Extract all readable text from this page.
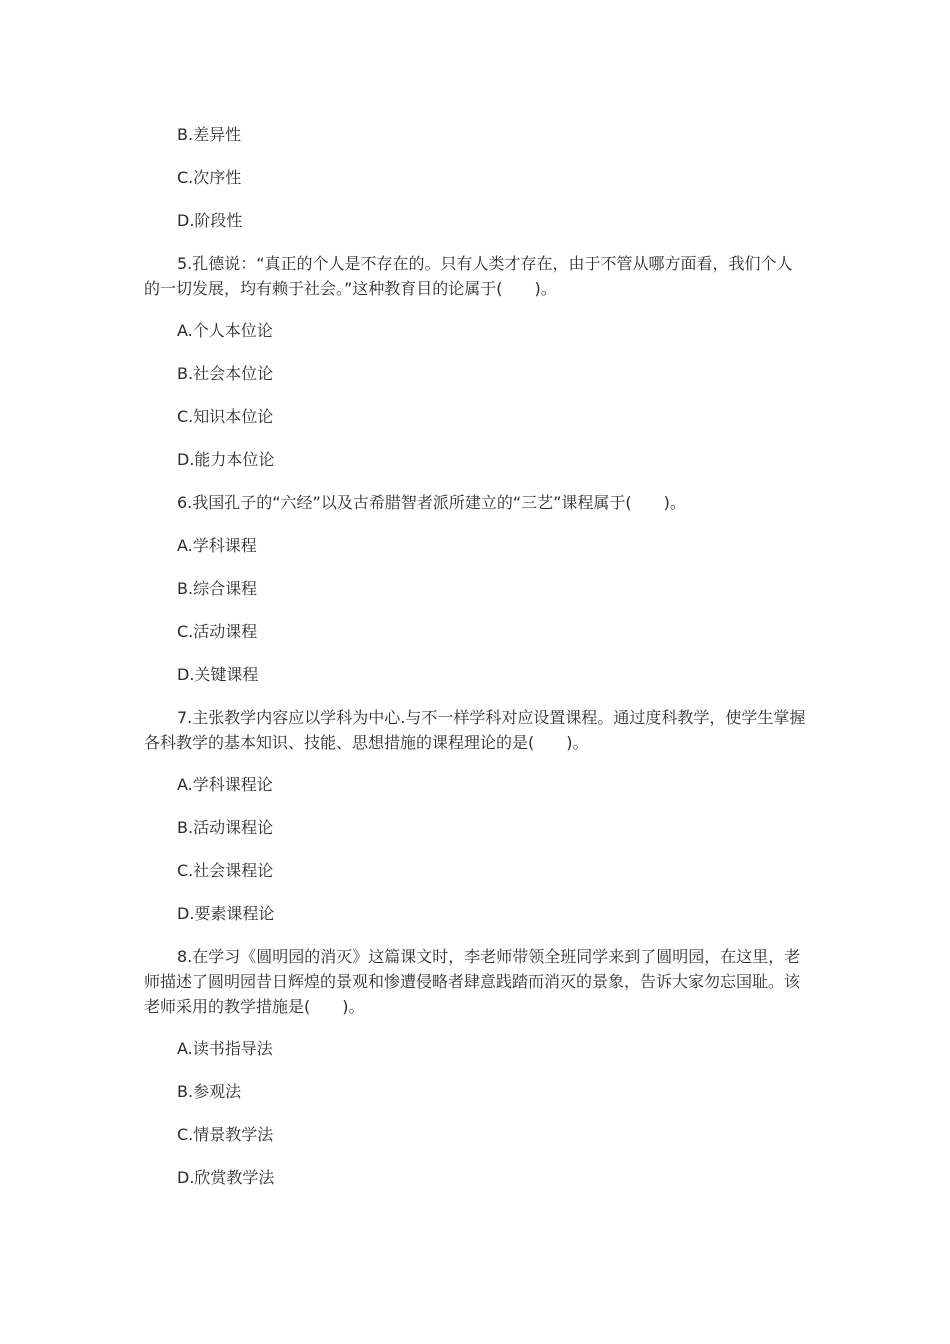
B.差异性

C.次序性

D.阶段性

5.孔德说：“真正的个人是不存在的。只有人类才存在，由于不管从哪方面看，我们个人的一切发展，均有赖于社会。”这种教育目的论属于(　　)。

A.个人本位论

B.社会本位论

C.知识本位论

D.能力本位论

6.我国孔子的“六经”以及古希腊智者派所建立的“三艺”课程属于(　　)。

A.学科课程

B.综合课程

C.活动课程

D.关键课程

7.主张教学内容应以学科为中心.与不一样学科对应设置课程。通过度科教学，使学生掌握各科教学的基本知识、技能、思想措施的课程理论的是(　　)。

A.学科课程论

B.活动课程论

C.社会课程论

D.要素课程论

8.在学习《圆明园的消灭》这篇课文时，李老师带领全班同学来到了圆明园，在这里，老师描述了圆明园昔日辉煌的景观和惨遭侵略者肆意践踏而消灭的景象，告诉大家勿忘国耻。该老师采用的教学措施是(　　)。

A.读书指导法

B.参观法

C.情景教学法

D.欣赏教学法
